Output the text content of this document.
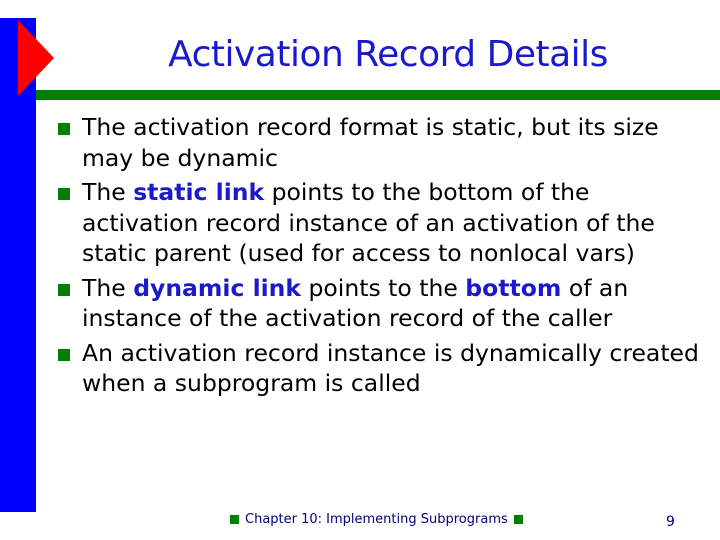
Activation Record Details
The activation record format is static, but its size may be dynamic
The static link points to the bottom of the activation record instance of an activation of the static parent (used for access to nonlocal vars)
The dynamic link points to the bottom of an instance of the activation record of the caller
An activation record instance is dynamically created when a subprogram is called
Chapter 10: Implementing Subprograms	9
